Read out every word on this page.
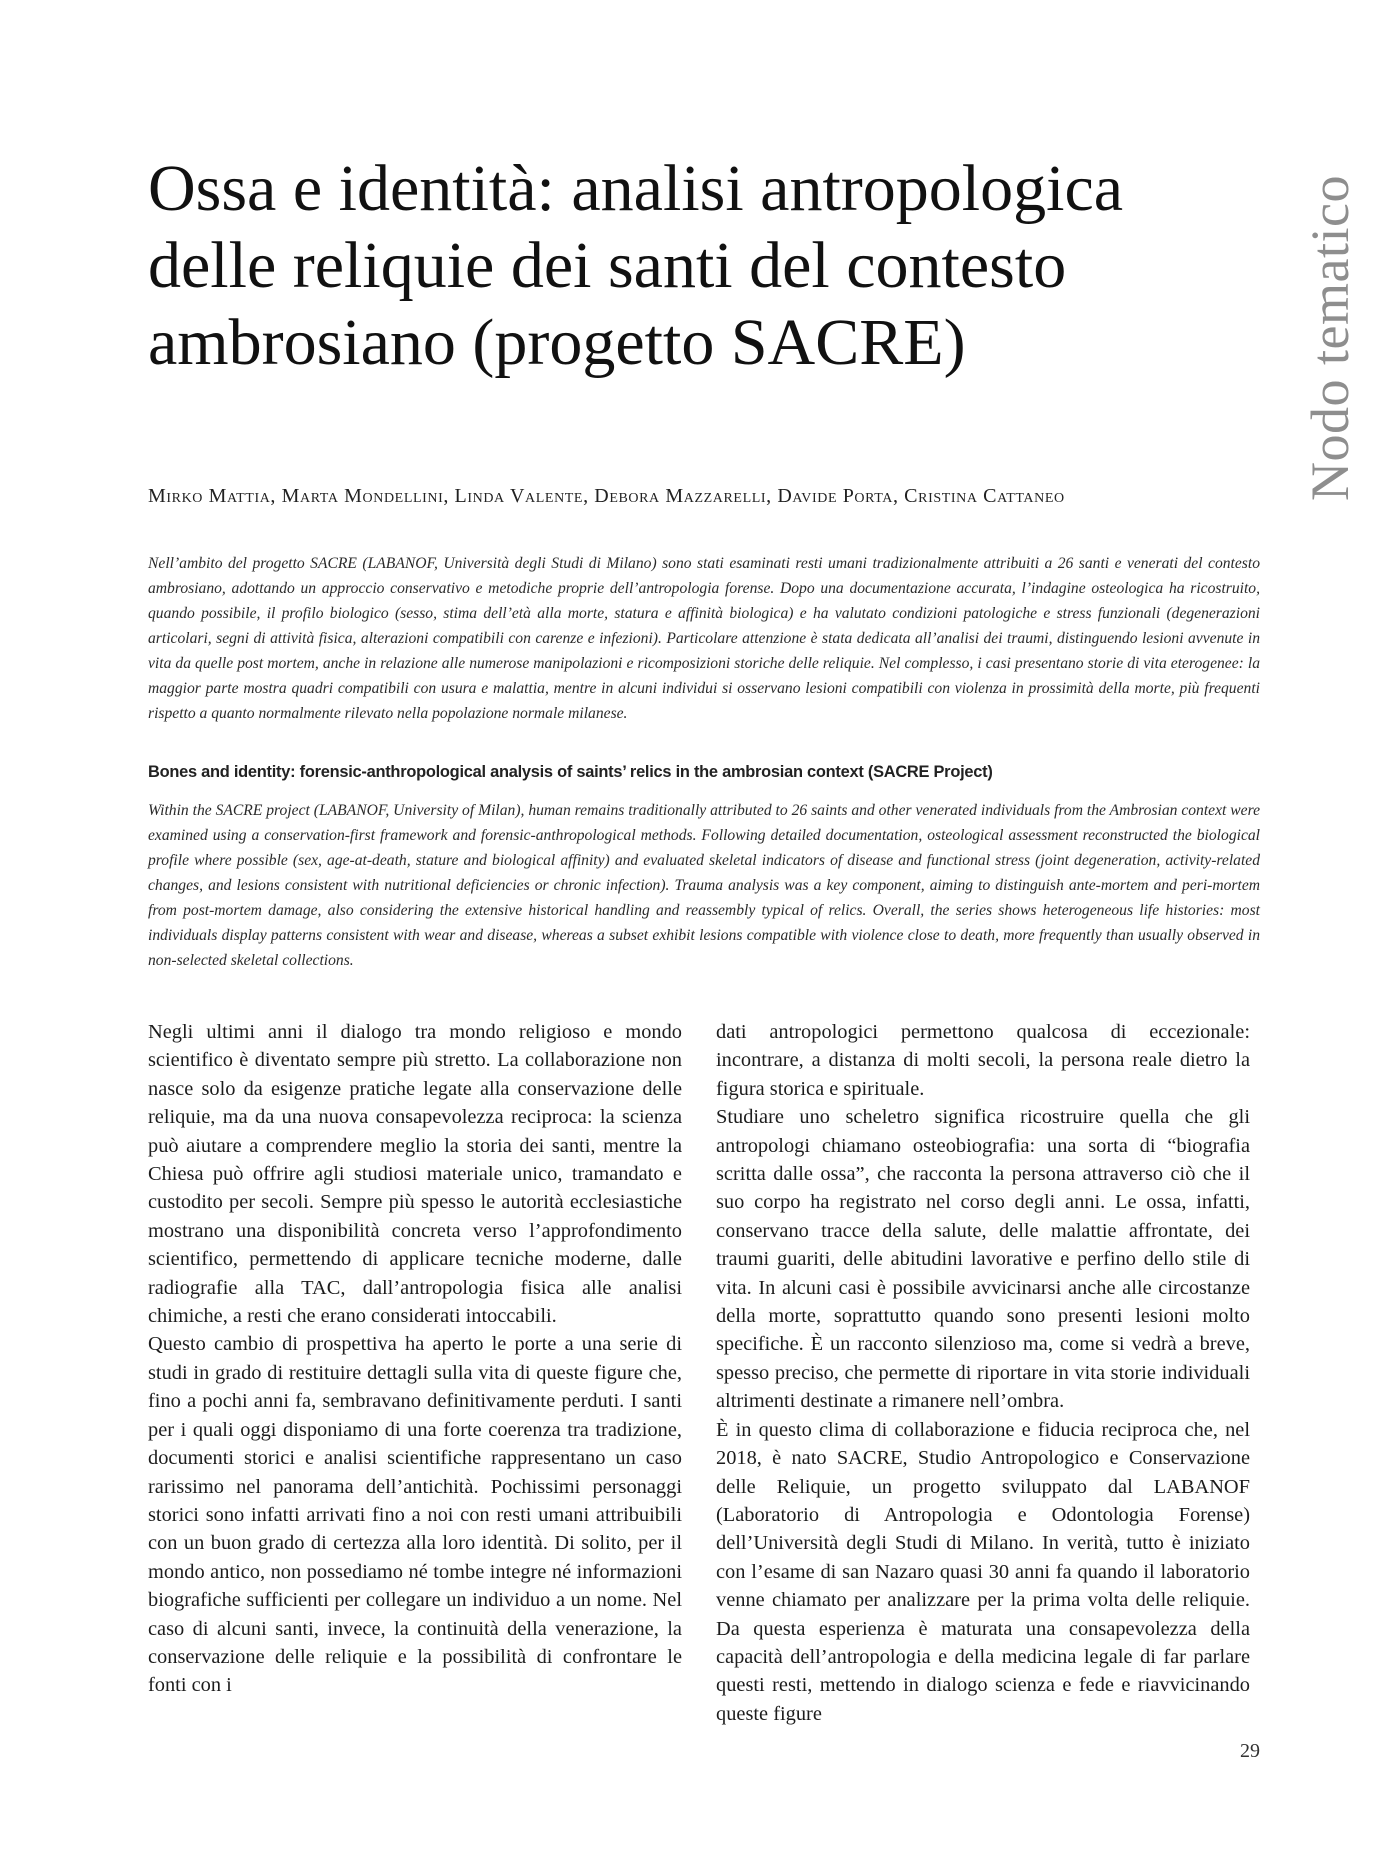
Nodo tematico
Ossa e identità: analisi antropologica delle reliquie dei santi del contesto ambrosiano (progetto SACRE)
Mirko Mattia, Marta Mondellini, Linda Valente, Debora Mazzarelli, Davide Porta, Cristina Cattaneo

Nell’ambito del progetto SACRE (LABANOF, Università degli Studi di Milano) sono stati esaminati resti umani tradizionalmente attribuiti a 26 santi e venerati del contesto ambrosiano, adottando un approccio conservativo e metodiche proprie dell’antropologia forense. Dopo una documentazione accurata, l’indagine osteologica ha ricostruito, quando possibile, il profilo biologico (sesso, stima dell’età alla morte, statura e affinità biologica) e ha valutato condizioni patologiche e stress funzionali (degenerazioni articolari, segni di attività fisica, alterazioni compatibili con carenze e infezioni). Particolare attenzione è stata dedicata all’analisi dei traumi, distinguendo lesioni avvenute in vita da quelle post mortem, anche in relazione alle numerose manipolazioni e ricomposizioni storiche delle reliquie. Nel complesso, i casi presentano storie di vita eterogenee: la maggior parte mostra quadri compatibili con usura e malattia, mentre in alcuni individui si osservano lesioni compatibili con violenza in prossimità della morte, più frequenti rispetto a quanto normalmente rilevato nella popolazione normale milanese.

Bones and identity: forensic-anthropological analysis of saints’ relics in the ambrosian context (SACRE Project)

Within the SACRE project (LABANOF, University of Milan), human remains traditionally attributed to 26 saints and other venerated individuals from the Ambrosian context were examined using a conservation-first framework and forensic-anthropological methods. Following detailed documentation, osteological assessment reconstructed the biological profile where possible (sex, age-at-death, stature and biological affinity) and evaluated skeletal indicators of disease and functional stress (joint degeneration, activity-related changes, and lesions consistent with nutritional deficiencies or chronic infection). Trauma analysis was a key component, aiming to distinguish ante-mortem and peri-mortem from post-mortem damage, also considering the extensive historical handling and reassembly typical of relics. Overall, the series shows heterogeneous life histories: most individuals display patterns consistent with wear and disease, whereas a subset exhibit lesions compatible with violence close to death, more frequently than usually observed in non-selected skeletal collections.

Negli ultimi anni il dialogo tra mondo religioso e mondo scientifico è diventato sempre più stretto. La collaborazione non nasce solo da esigenze pratiche legate alla conservazione delle reliquie, ma da una nuova consapevolezza reciproca: la scienza può aiutare a comprendere meglio la storia dei santi, mentre la Chiesa può offrire agli studiosi materiale unico, tramandato e custodito per secoli. Sempre più spesso le autorità ecclesiastiche mostrano una disponibilità concreta verso l’approfondimento scientifico, permettendo di applicare tecniche moderne, dalle radiografie alla TAC, dall’antropologia fisica alle analisi chimiche, a resti che erano considerati intoccabili.

Questo cambio di prospettiva ha aperto le porte a una serie di studi in grado di restituire dettagli sulla vita di queste figure che, fino a pochi anni fa, sembravano definitivamente perduti. I santi per i quali oggi disponiamo di una forte coerenza tra tradizione, documenti storici e analisi scientifiche rappresentano un caso rarissimo nel panorama dell’antichità. Pochissimi personaggi storici sono infatti arrivati fino a noi con resti umani attribuibili con un buon grado di certezza alla loro identità. Di solito, per il mondo antico, non possediamo né tombe integre né informazioni biografiche sufficienti per collegare un individuo a un nome. Nel caso di alcuni santi, invece, la continuità della venerazione, la conservazione delle reliquie e la possibilità di confrontare le fonti con i

dati antropologici permettono qualcosa di eccezionale: incontrare, a distanza di molti secoli, la persona reale dietro la figura storica e spirituale.

Studiare uno scheletro significa ricostruire quella che gli antropologi chiamano osteobiografia: una sorta di “biografia scritta dalle ossa”, che racconta la persona attraverso ciò che il suo corpo ha registrato nel corso degli anni. Le ossa, infatti, conservano tracce della salute, delle malattie affrontate, dei traumi guariti, delle abitudini lavorative e perfino dello stile di vita. In alcuni casi è possibile avvicinarsi anche alle circostanze della morte, soprattutto quando sono presenti lesioni molto specifiche. È un racconto silenzioso ma, come si vedrà a breve, spesso preciso, che permette di riportare in vita storie individuali altrimenti destinate a rimanere nell’ombra.

È in questo clima di collaborazione e fiducia reciproca che, nel 2018, è nato SACRE, Studio Antropologico e Conservazione delle Reliquie, un progetto sviluppato dal LABANOF (Laboratorio di Antropologia e Odontologia Forense) dell’Università degli Studi di Milano. In verità, tutto è iniziato con l’esame di san Nazaro quasi 30 anni fa quando il laboratorio venne chiamato per analizzare per la prima volta delle reliquie. Da questa esperienza è maturata una consapevolezza della capacità dell’antropologia e della medicina legale di far parlare questi resti, mettendo in dialogo scienza e fede e riavvicinando queste figure

29
